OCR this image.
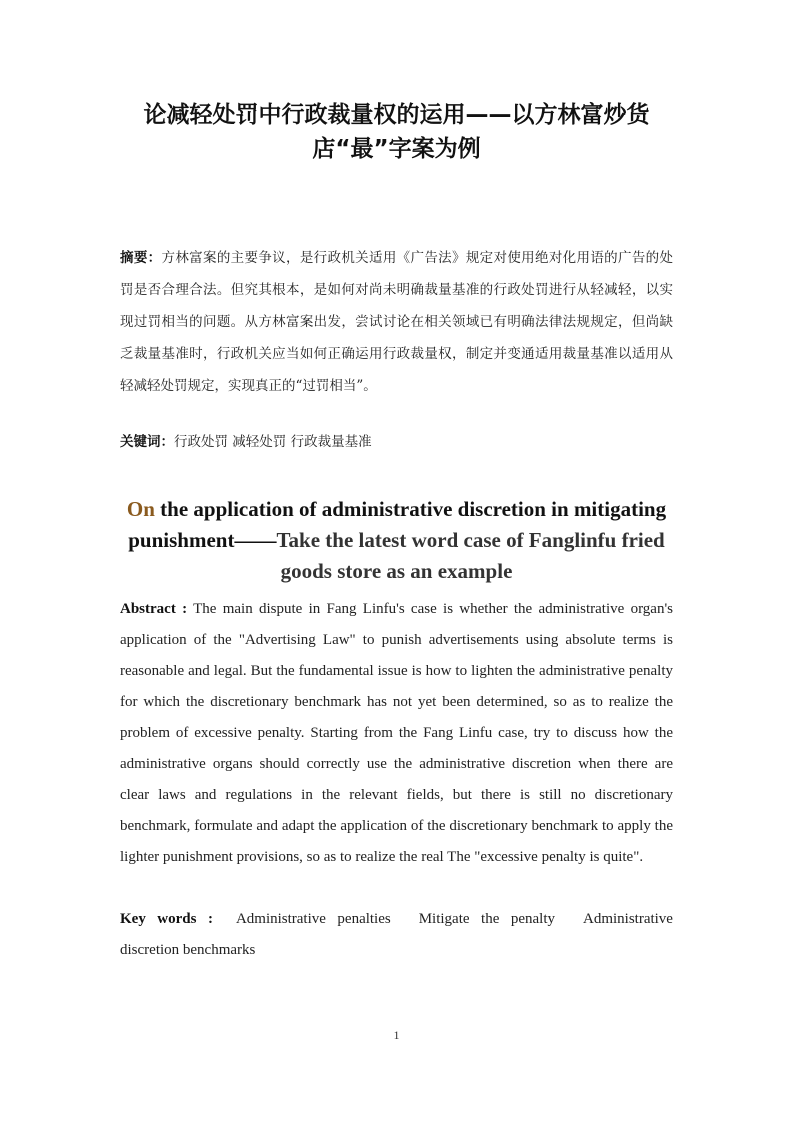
论减轻处罚中行政裁量权的运用——以方林富炒货店“最”字案为例

摘要：方林富案的主要争议，是行政机关适用《广告法》规定对使用绝对化用语的广告的处罚是否合理合法。但究其根本，是如何对尚未明确裁量基准的行政处罚进行从轻减轻，以实现过罚相当的问题。从方林富案出发，尝试讨论在相关领域已有明确法律法规规定，但尚缺乏裁量基准时，行政机关应当如何正确运用行政裁量权，制定并变通适用裁量基准以适用从轻减轻处罚规定，实现真正的“过罚相当”。

关键词：行政处罚 减轻处罚 行政裁量基准

On the application of administrative discretion in mitigating punishment——Take the latest word case of Fanglinfu fried goods store as an example

Abstract : The main dispute in Fang Linfu's case is whether the administrative organ's application of the "Advertising Law" to punish advertisements using absolute terms is reasonable and legal. But the fundamental issue is how to lighten the administrative penalty for which the discretionary benchmark has not yet been determined, so as to realize the problem of excessive penalty. Starting from the Fang Linfu case, try to discuss how the administrative organs should correctly use the administrative discretion when there are clear laws and regulations in the relevant fields, but there is still no discretionary benchmark, formulate and adapt the application of the discretionary benchmark to apply the lighter punishment provisions, so as to realize the real The "excessive penalty is quite".

Key words : Administrative penalties Mitigate the penalty Administrative discretion benchmarks

1
